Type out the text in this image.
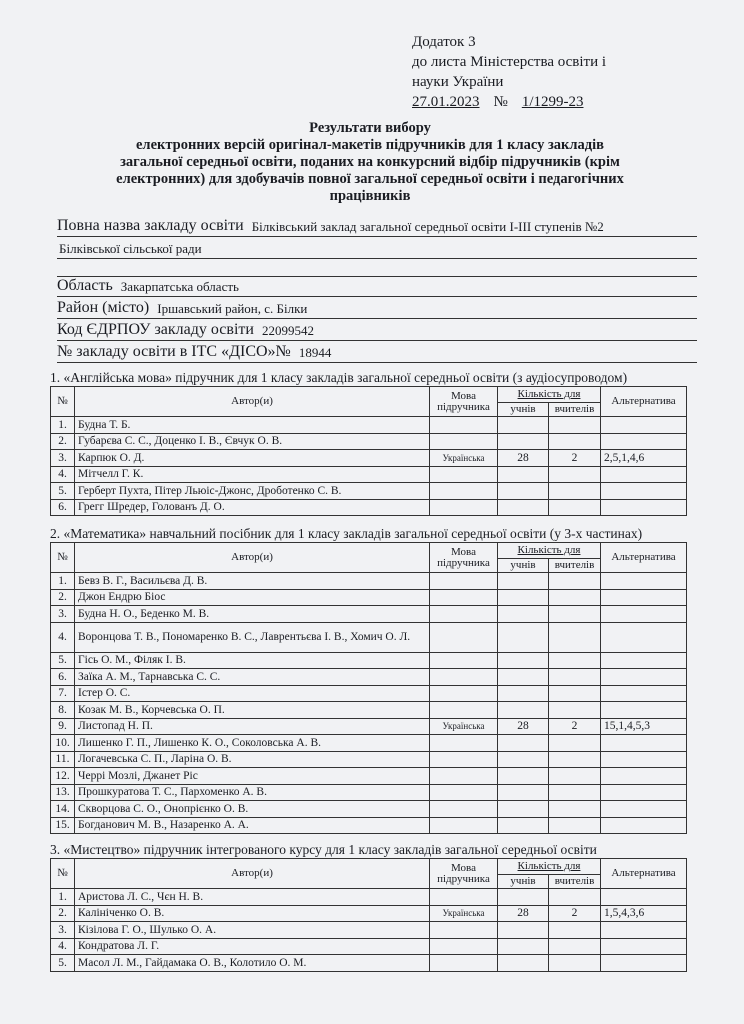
Додаток 3
до листа Міністерства освіти і
науки України
27.01.2023 № 1/1299-23
Результати вибору
електронних версій оригінал-макетів підручників для 1 класу закладів
загальної середньої освіти, поданих на конкурсний відбір підручників (крім
електронних) для здобувачів повної загальної середньої освіти і педагогічних
працівників
Повна назва закладу освіти Білківський заклад загальної середньої освіти І-ІІІ ступенів №2
Білківської сільської ради
Область Закарпатська область
Район (місто) Іршавський район, с. Білки
Код ЄДРПОУ закладу освіти 22099542
№ закладу освіти в ІТС «ДІСО»№ 18944
1. «Англійська мова» підручник для 1 класу закладів загальної середньої освіти (з аудіосупроводом)
№	Автор(и)	Мова підручника	Кількість для		Альтернатива
			учнів	вчителів	
1.	Будна Т. Б.				
2.	Губарєва С. С., Доценко І. В., Євчук О. В.				
3.	Карпюк О. Д.	Українська	28	2	2,5,1,4,6
4.	Мітчелл Г. К.				
5.	Герберт Пухта, Пітер Льюіс-Джонс, Дроботенко С. В.				
6.	Грегг Шредер, Голованъ Д. О.				
2. «Математика» навчальний посібник для 1 класу закладів загальної середньої освіти (у 3-х частинах)
№	Автор(и)	Мова підручника	Кількість для		Альтернатива
			учнів	вчителів	
1.	Бевз В. Г., Васильєва Д. В.				
2.	Джон Ендрю Біос				
3.	Будна Н. О., Беденко М. В.				
4.	Воронцова Т. В., Пономаренко В. С., Лаврентьєва І. В., Хомич О. Л.				
5.	Гісь О. М., Філяк І. В.				
6.	Заїка А. М., Тарнавська С. С.				
7.	Істер О. С.				
8.	Козак М. В., Корчевська О. П.				
9.	Листопад Н. П.	Українська	28	2	15,1,4,5,3
10.	Лишенко Г. П., Лишенко К. О., Соколовська А. В.				
11.	Логачевська С. П., Ларіна О. В.				
12.	Черрі Мозлі, Джанет Ріс				
13.	Прошкуратова Т. С., Пархоменко А. В.				
14.	Скворцова С. О., Онопрієнко О. В.				
15.	Богданович М. В., Назаренко А. А.				
3. «Мистецтво» підручник інтегрованого курсу для 1 класу закладів загальної середньої освіти
№	Автор(и)	Мова підручника	Кількість для		Альтернатива
			учнів	вчителів	
1.	Аристова Л. С., Чєн Н. В.				
2.	Калініченко О. В.	Українська	28	2	1,5,4,3,6
3.	Кізілова Г. О., Шулько О. А.				
4.	Кондратова Л. Г.				
5.	Масол Л. М., Гайдамака О. В., Колотило О. М.				
